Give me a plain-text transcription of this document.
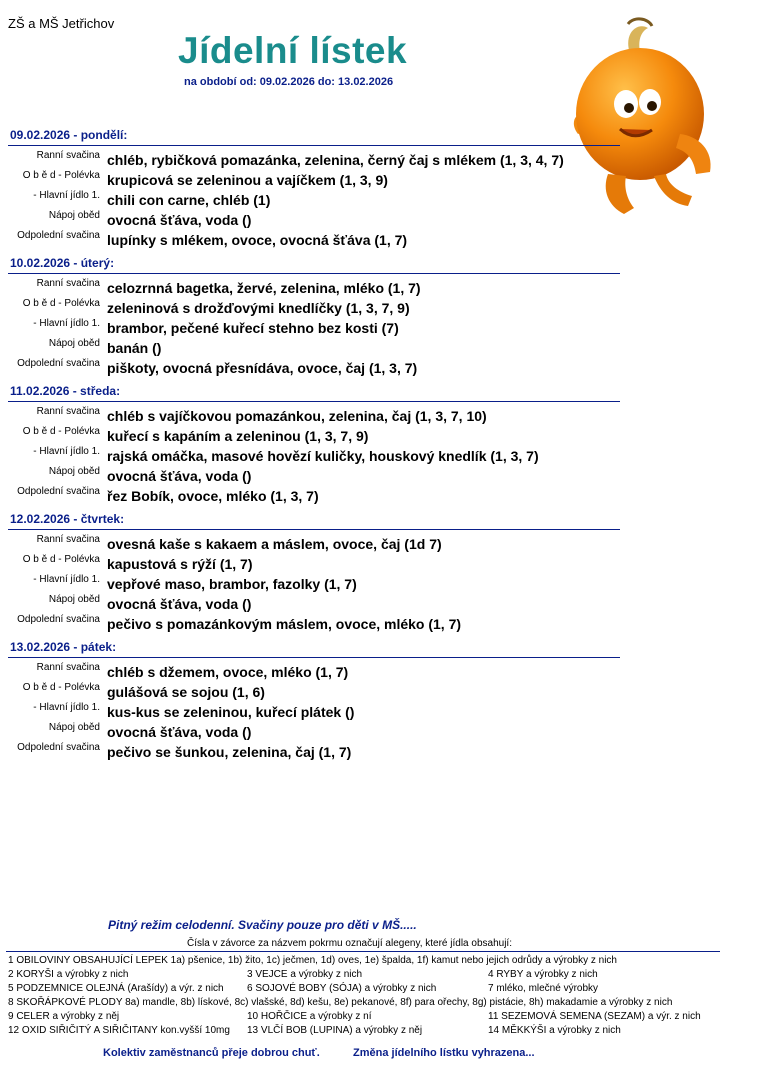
ZŠ a MŠ Jetřichov
Jídelní lístek
na období od: 09.02.2026 do: 13.02.2026
09.02.2026 - pondělí:
Ranní svačina chléb, rybičková pomazánka, zelenina, černý čaj s mlékem (1, 3, 4, 7)
O b ě d - Polévka krupicová se zeleninou a vajíčkem (1, 3, 9)
- Hlavní jídlo 1. chili con carne, chléb (1)
Nápoj oběd ovocná šťáva, voda ()
Odpolední svačina lupínky s mlékem, ovoce, ovocná šťáva (1, 7)
10.02.2026 - úterý:
Ranní svačina celozrnná bagetka, žervé, zelenina, mléko (1, 7)
O b ě d - Polévka zeleninová s drožďovými knedlíčky (1, 3, 7, 9)
- Hlavní jídlo 1. brambor, pečené kuřecí stehno bez kosti (7)
Nápoj oběd banán ()
Odpolední svačina piškoty, ovocná přesnídáva, ovoce, čaj (1, 3, 7)
11.02.2026 - středa:
Ranní svačina chléb s vajíčkovou pomazánkou, zelenina, čaj (1, 3, 7, 10)
O b ě d - Polévka kuřecí s kapáním a zeleninou (1, 3, 7, 9)
- Hlavní jídlo 1. rajská omáčka, masové hovězí kuličky, houskový knedlík (1, 3, 7)
Nápoj oběd ovocná šťáva, voda ()
Odpolední svačina řez Bobík, ovoce, mléko (1, 3, 7)
12.02.2026 - čtvrtek:
Ranní svačina ovesná kaše s kakaem a máslem, ovoce, čaj (1d 7)
O b ě d - Polévka kapustová s rýží (1, 7)
- Hlavní jídlo 1. vepřové maso, brambor, fazolky (1, 7)
Nápoj oběd ovocná šťáva, voda ()
Odpolední svačina pečivo s pomazánkovým máslem, ovoce, mléko (1, 7)
13.02.2026 - pátek:
Ranní svačina chléb s džemem, ovoce, mléko (1, 7)
O b ě d - Polévka gulášová se sojou (1, 6)
- Hlavní jídlo 1. kus-kus se zeleninou, kuřecí plátek ()
Nápoj oběd ovocná šťáva, voda ()
Odpolední svačina pečivo se šunkou, zelenina, čaj (1, 7)
Pitný režim celodenní. Svačiny pouze pro děti v MŠ.....
Čísla v závorce za názvem pokrmu označují alegeny, které jídla obsahují:
1 OBILOVINY OBSAHUJÍCÍ LEPEK 1a) pšenice, 1b) žito, 1c) ječmen, 1d) oves, 1e) špalda, 1f) kamut nebo jejich odrůdy a výrobky z nich
2 KORYŠI a výrobky z nich	3 VEJCE a výrobky z nich	4 RYBY a výrobky z nich
5 PODZEMNICE OLEJNÁ (Arašídy) a výr. z nich 6 SOJOVÉ BOBY (SÓJA) a výrobky z nich	7 mléko, mlečné výrobky
8 SKOŘÁPKOVÉ PLODY 8a) mandle, 8b) lískové, 8c) vlašské, 8d) kešu, 8e) pekanové, 8f) para ořechy, 8g) pistácie, 8h) makadamie a výrobky z nich
9 CELER a výrobky z něj	10 HOŘČICE a výrobky z ní	11 SEZEMOVÁ SEMENA (SEZAM) a výr. z nich
12 OXID SIŘIČITÝ A SIŘIČITANY kon.vyšší 10mg 13 VLČÍ BOB (LUPINA) a výrobky z něj	14 MĚKKÝŠI a výrobky z nich
Kolektiv zaměstnanců přeje dobrou chuť.	Změna jídelního lístku vyhrazena...
